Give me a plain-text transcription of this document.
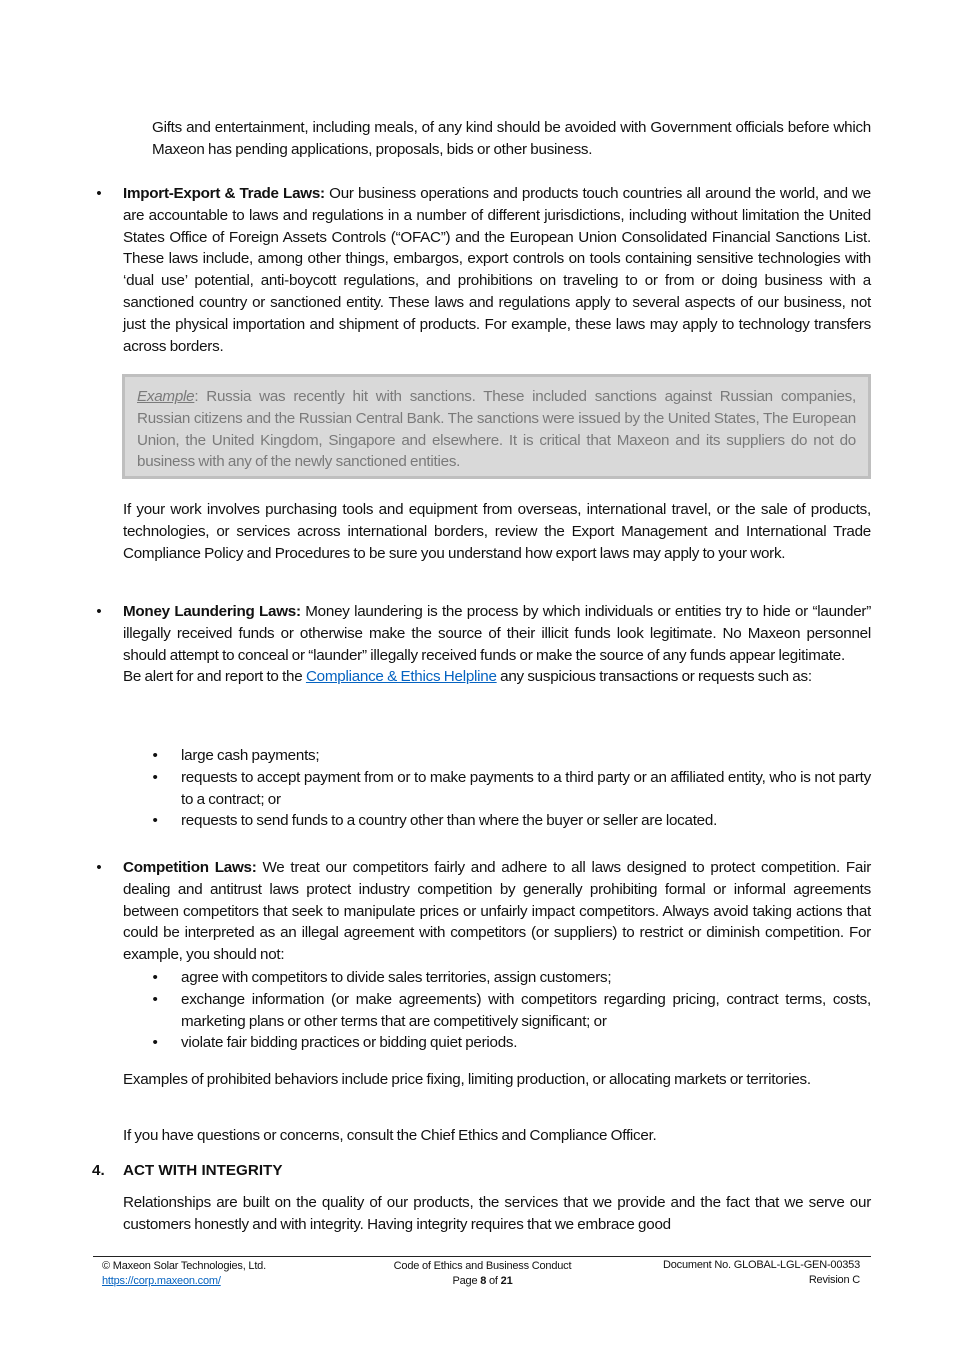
Gifts and entertainment, including meals, of any kind should be avoided with Government officials before which Maxeon has pending applications, proposals, bids or other business.

• Import-Export & Trade Laws: Our business operations and products touch countries all around the world, and we are accountable to laws and regulations in a number of different jurisdictions, including without limitation the United States Office of Foreign Assets Controls (“OFAC”) and the European Union Consolidated Financial Sanctions List. These laws include, among other things, embargos, export controls on tools containing sensitive technologies with ‘dual use’ potential, anti-boycott regulations, and prohibitions on traveling to or from or doing business with a sanctioned country or sanctioned entity. These laws and regulations apply to several aspects of our business, not just the physical importation and shipment of products. For example, these laws may apply to technology transfers across borders.

Example: Russia was recently hit with sanctions. These included sanctions against Russian companies, Russian citizens and the Russian Central Bank. The sanctions were issued by the United States, The European Union, the United Kingdom, Singapore and elsewhere. It is critical that Maxeon and its suppliers do not do business with any of the newly sanctioned entities.

If your work involves purchasing tools and equipment from overseas, international travel, or the sale of products, technologies, or services across international borders, review the Export Management and International Trade Compliance Policy and Procedures to be sure you understand how export laws may apply to your work.

• Money Laundering Laws: Money laundering is the process by which individuals or entities try to hide or “launder” illegally received funds or otherwise make the source of their illicit funds look legitimate. No Maxeon personnel should attempt to conceal or “launder” illegally received funds or make the source of any funds appear legitimate.

Be alert for and report to the Compliance & Ethics Helpline any suspicious transactions or requests such as:

• large cash payments;
• requests to accept payment from or to make payments to a third party or an affiliated entity, who is not party to a contract; or
• requests to send funds to a country other than where the buyer or seller are located.
• Competition Laws: We treat our competitors fairly and adhere to all laws designed to protect competition. Fair dealing and antitrust laws protect industry competition by generally prohibiting formal or informal agreements between competitors that seek to manipulate prices or unfairly impact competitors. Always avoid taking actions that could be interpreted as an illegal agreement with competitors (or suppliers) to restrict or diminish competition. For example, you should not:

• agree with competitors to divide sales territories, assign customers;
• exchange information (or make agreements) with competitors regarding pricing, contract terms, costs, marketing plans or other terms that are competitively significant; or
• violate fair bidding practices or bidding quiet periods.

Examples of prohibited behaviors include price fixing, limiting production, or allocating markets or territories.

If you have questions or concerns, consult the Chief Ethics and Compliance Officer.

4. ACT WITH INTEGRITY

Relationships are built on the quality of our products, the services that we provide and the fact that we serve our customers honestly and with integrity. Having integrity requires that we embrace good

© Maxeon Solar Technologies, Ltd.
https://corp.maxeon.com/
Code of Ethics and Business Conduct
Page 8 of 21
Document No. GLOBAL-LGL-GEN-00353
Revision C
